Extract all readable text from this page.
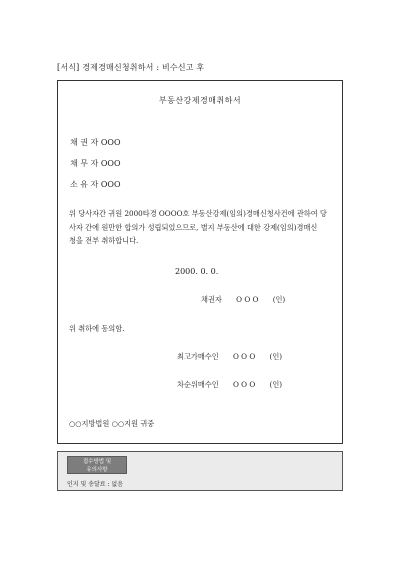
[서식] 경제경매신청취하서 : 비수신고 후
부동산강제경매취하서
채 권 자 OOO
채 무 자 OOO
소 유 자 OOO
위 당사자간 귀원 2000타경 OOOO호 부동산강제(임의)경매신청사건에 관하여 당
사자 간에 원만한 합의가 성립되었으므로, 별지 부동산에 대한 강제(임의)경매신
청을 전부 취하합니다.
2000. 0. 0.
채권자 O O O (인)
위 취하에 동의함.
최고가매수인 O O O (인)
차순위매수인 O O O (인)
○○지방법원 ○○지원 귀중
접수방법 및
유의사항
인지 및 송달료 : 없음
